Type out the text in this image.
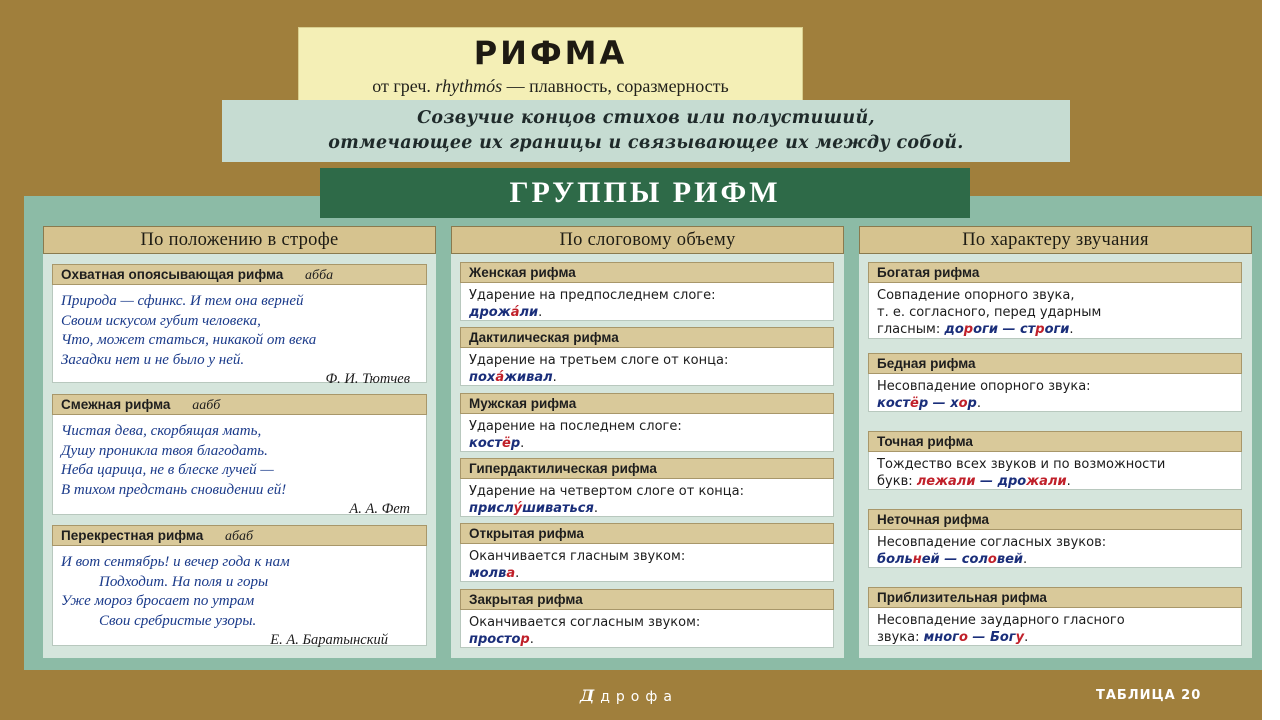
РИФМА
от греч. rhythmós — плавность, соразмерность
Созвучие концов стихов или полустиший,
отмечающее их границы и связывающее их между собой.
ГРУППЫ РИФМ
По положению в строфе
Охватная опоясывающая рифма абба
Природа — сфинкс. И тем она верней
Своим искусом губит человека,
Что, может статься, никакой от века
Загадки нет и не было у ней.
Ф. И. Тютчев
Смежная рифма аабб
Чистая дева, скорбящая мать,
Душу проникла твоя благодать.
Неба царица, не в блеске лучей —
В тихом предстань сновидении ей!
А. А. Фет
Перекрестная рифма абаб
И вот сентябрь! и вечер года к нам
Подходит. На поля и горы
Уже мороз бросает по утрам
Свои сребристые узоры.
Е. А. Баратынский
По слоговому объему	По характеру звучания
Женская рифма
Ударение на предпоследнем слоге:
дрожа́ли.
Дактилическая рифма
Ударение на третьем слоге от конца:
поха́живал.
Мужская рифма
Ударение на последнем слоге:
костёр.
Гипердактилическая рифма
Ударение на четвертом слоге от конца:
прислу́шиваться.
Открытая рифма
Оканчивается гласным звуком:
молва.
Закрытая рифма
Оканчивается согласным звуком:
простор.
Богатая рифма
Совпадение опорного звука,
т. е. согласного, перед ударным
гласным: дороги — строги.
Бедная рифма
Несовпадение опорного звука:
костёр — хор.
Точная рифма
Тождество всех звуков и по возможности
букв: лежали — дрожали.
Неточная рифма
Несовпадение согласных звуков:
больней — соловей.
Приблизительная рифма
Несовпадение заударного гласного
звука: много — Богу.
Д дрофа	ТАБЛИЦА 20
